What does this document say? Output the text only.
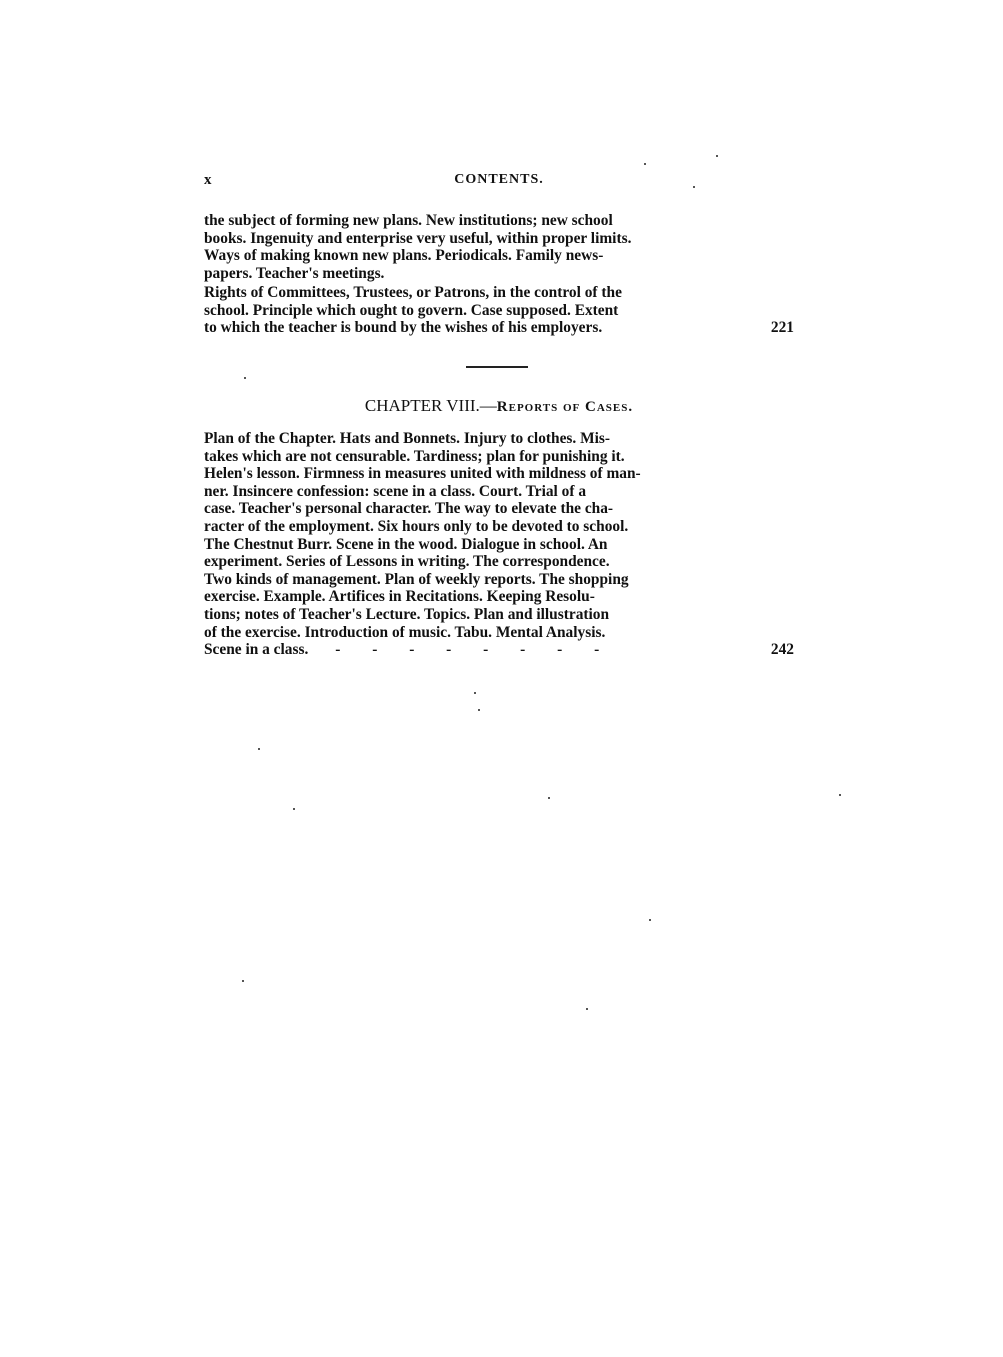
x	CONTENTS.
the subject of forming new plans. New institutions; new school
books. Ingenuity and enterprise very useful, within proper limits.
Ways of making known new plans. Periodicals. Family news-
papers. Teacher's meetings.
Rights of Committees, Trustees, or Patrons, in the control of the
school. Principle which ought to govern. Case supposed. Extent
to which the teacher is bound by the wishes of his employers.	221
CHAPTER VIII.—Reports of Cases.
Plan of the Chapter. Hats and Bonnets. Injury to clothes. Mis-
takes which are not censurable. Tardiness; plan for punishing it.
Helen's lesson. Firmness in measures united with mildness of man-
ner. Insincere confession: scene in a class. Court. Trial of a
case. Teacher's personal character. The way to elevate the cha-
racter of the employment. Six hours only to be devoted to school.
The Chestnut Burr. Scene in the wood. Dialogue in school. An
experiment. Series of Lessons in writing. The correspondence.
Two kinds of management. Plan of weekly reports. The shopping
exercise. Example. Artifices in Recitations. Keeping Resolu-
tions; notes of Teacher's Lecture. Topics. Plan and illustration
of the exercise. Introduction of music. Tabu. Mental Analysis.
Scene in a class. - - - - - - - -	242
